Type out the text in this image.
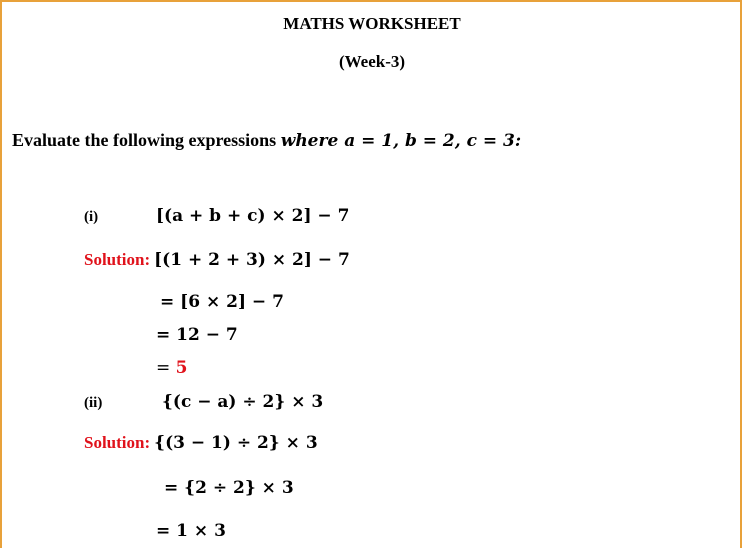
MATHS WORKSHEET
(Week-3)
Evaluate the following expressions where a = 1, b = 2, c = 3:
(i)	[(a + b + c) × 2] − 7
Solution: [(1 + 2 + 3) × 2] − 7
= [6 × 2] − 7
= 12 − 7
= 5
(ii)	{(c − a) ÷ 2} × 3
Solution: {(3 − 1) ÷ 2} × 3
= {2 ÷ 2} × 3
= 1 × 3
